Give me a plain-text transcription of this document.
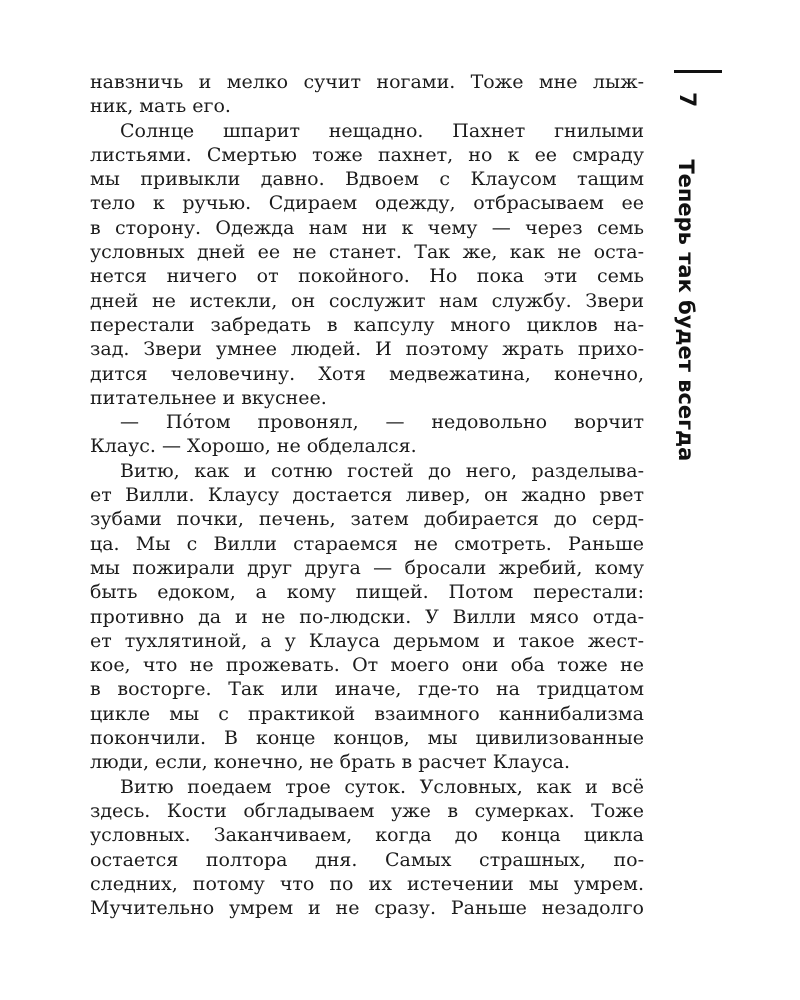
навзничь и мелко сучит ногами. Тоже мне лыж-
ник, мать его.
Солнце шпарит нещадно. Пахнет гнилыми
листьями. Смертью тоже пахнет, но к ее смраду
мы привыкли давно. Вдвоем с Клаусом тащим
тело к ручью. Сдираем одежду, отбрасываем ее
в сторону. Одежда нам ни к чему — через семь
условных дней ее не станет. Так же, как не оста-
нется ничего от покойного. Но пока эти семь
дней не истекли, он сослужит нам службу. Звери
перестали забредать в капсулу много циклов на-
зад. Звери умнее людей. И поэтому жрать прихо-
дится человечину. Хотя медвежатина, конечно,
питательнее и вкуснее.
— Пóтом провонял, — недовольно ворчит
Клаус. — Хорошо, не обделался.
Витю, как и сотню гостей до него, разделыва-
ет Вилли. Клаусу достается ливер, он жадно рвет
зубами почки, печень, затем добирается до серд-
ца. Мы с Вилли стараемся не смотреть. Раньше
мы пожирали друг друга — бросали жребий, кому
быть едоком, а кому пищей. Потом перестали:
противно да и не по-людски. У Вилли мясо отда-
ет тухлятиной, а у Клауса дерьмом и такое жест-
кое, что не прожевать. От моего они оба тоже не
в восторге. Так или иначе, где-то на тридцатом
цикле мы с практикой взаимного каннибализма
покончили. В конце концов, мы цивилизованные
люди, если, конечно, не брать в расчет Клауса.
Витю поедаем трое суток. Условных, как и всё
здесь. Кости обгладываем уже в сумерках. Тоже
условных. Заканчиваем, когда до конца цикла
остается полтора дня. Самых страшных, по-
следних, потому что по их истечении мы умрем.
Мучительно умрем и не сразу. Раньше незадолго
7Теперь так будет всегда
